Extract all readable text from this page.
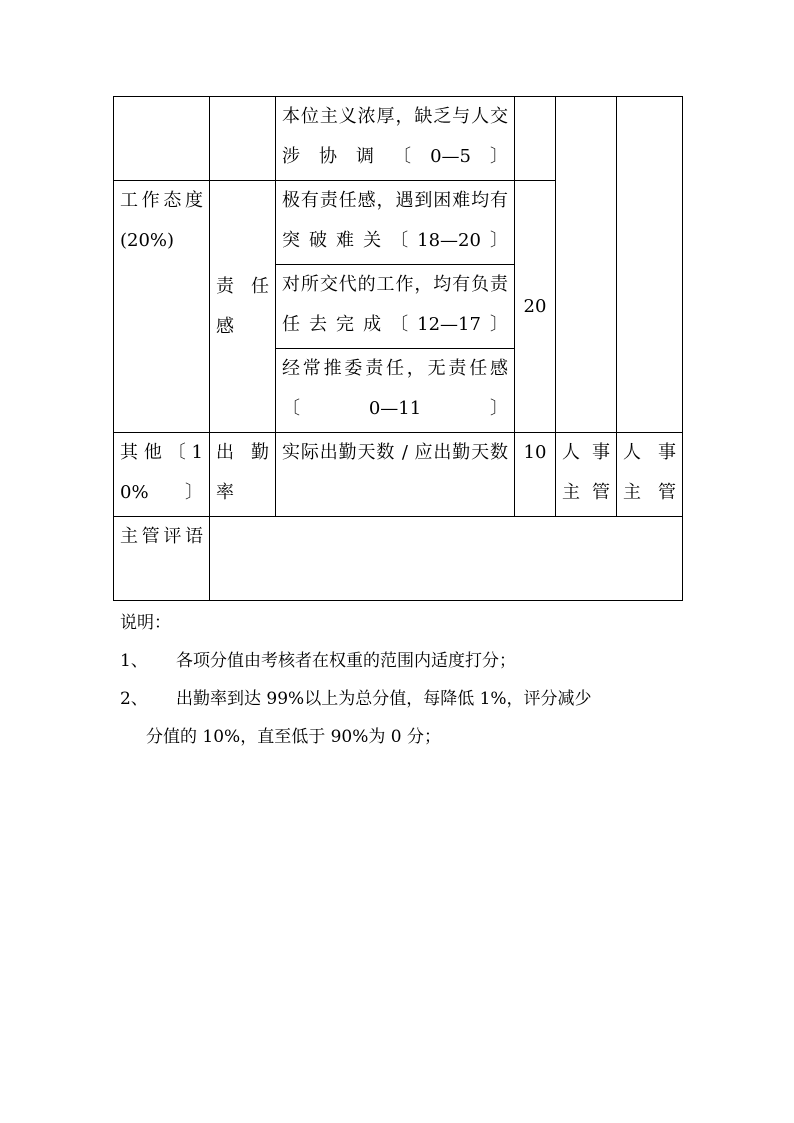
		本位主义浓厚，缺乏与人交涉协调〔0—5〕			
工作态度(20%)	责任感	极有责任感，遇到困难均有突破难关〔18—20〕	20		
		对所交代的工作，均有负责任去完成〔12—17〕			
		经常推委责任，无责任感〔0—11〕			
其他〔10%〕	出勤率	实际出勤天数 / 应出勤天数	10	人事主管	人事主管
主管评语					
说明：
1、	各项分值由考核者在权重的范围内适度打分；
2、	出勤率到达 99%以上为总分值，每降低 1%，评分减少
分值的 10%，直至低于 90%为 0 分；
